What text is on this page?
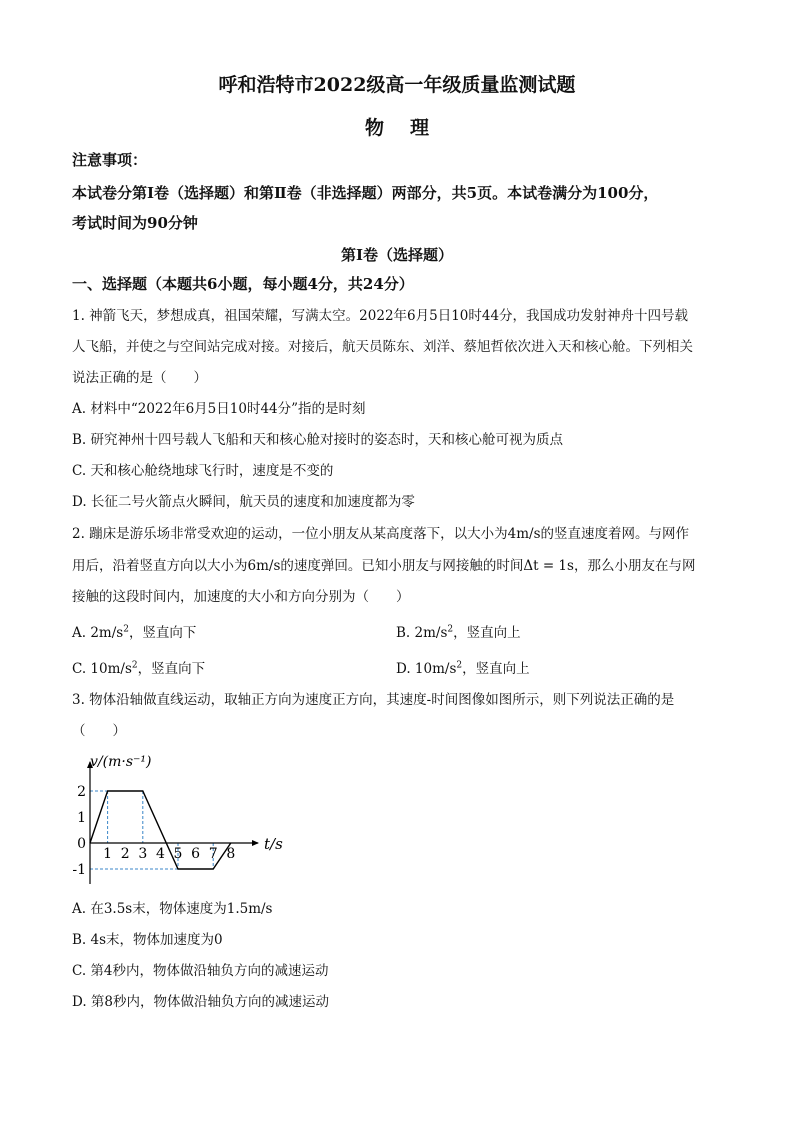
呼和浩特市2022级高一年级质量监测试题
物 理
注意事项：
本试卷分第Ⅰ卷（选择题）和第Ⅱ卷（非选择题）两部分，共5页。本试卷满分为100分，
考试时间为90分钟
第Ⅰ卷（选择题）
一、选择题（本题共6小题，每小题4分，共24分）
1. 神箭飞天，梦想成真，祖国荣耀，写满太空。2022年6月5日10时44分，我国成功发射神舟十四号载
人飞船，并使之与空间站完成对接。对接后，航天员陈东、刘洋、蔡旭哲依次进入天和核心舱。下列相关
说法正确的是（　　）
A. 材料中“2022年6月5日10时44分”指的是时刻
B. 研究神州十四号载人飞船和天和核心舱对接时的姿态时，天和核心舱可视为质点
C. 天和核心舱绕地球飞行时，速度是不变的
D. 长征二号火箭点火瞬间，航天员的速度和加速度都为零
2. 蹦床是游乐场非常受欢迎的运动，一位小朋友从某高度落下，以大小为4m/s的竖直速度着网。与网作
用后，沿着竖直方向以大小为6m/s的速度弹回。已知小朋友与网接触的时间Δt = 1s，那么小朋友在与网
接触的这段时间内，加速度的大小和方向分别为（　　）
A. $2m/s^2$，竖直向下	B. $2m/s^2$，竖直向上
C. $10m/s^2$，竖直向下	D. $10m/s^2$，竖直向上
3. 物体沿轴做直线运动，取轴正方向为速度正方向，其速度-时间图像如图所示，则下列说法正确的是
（　　）
1 2 3 4 5 6 7 8
2
1
0
-1
v/(m·s⁻¹)
t/s
A. 在3.5s末，物体速度为1.5m/s
B. 4s末，物体加速度为0
C. 第4秒内，物体做沿轴负方向的减速运动
D. 第8秒内，物体做沿轴负方向的减速运动
